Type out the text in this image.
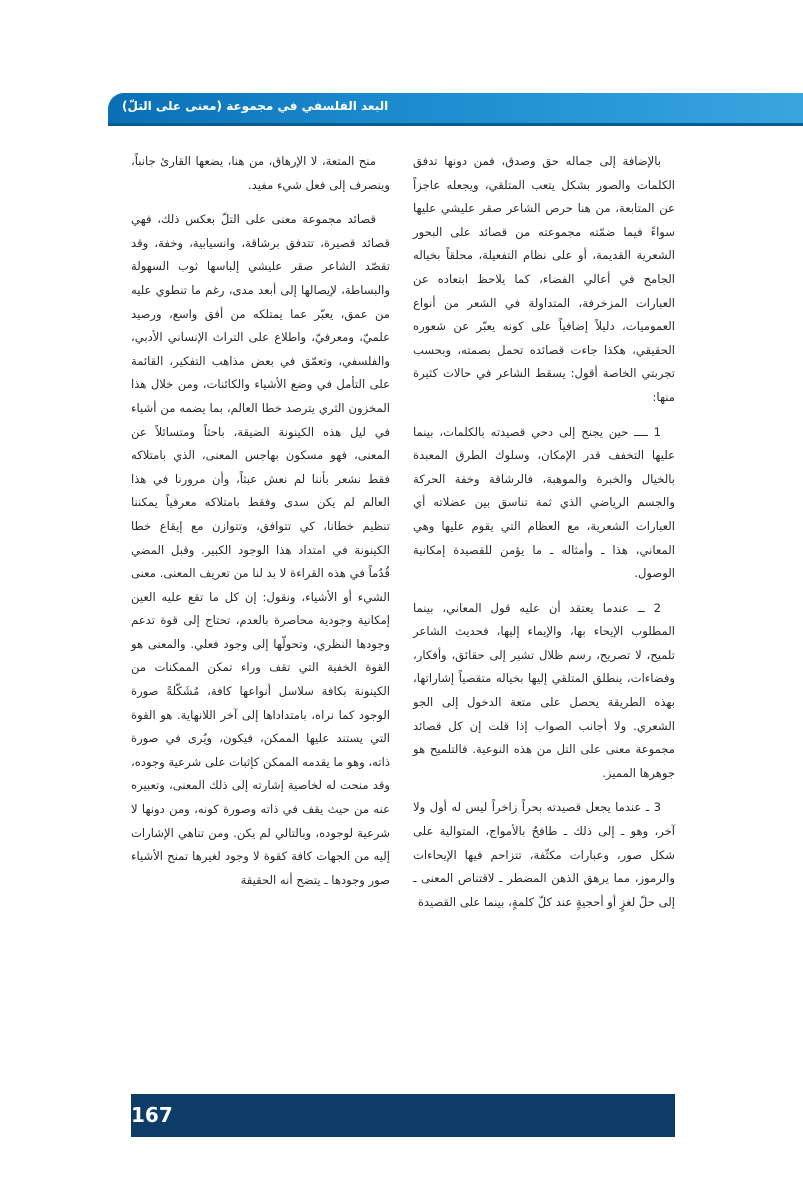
البعد الفلسفي في مجموعة (معنى على التلّ)

بالإضافة إلى جماله حق وصدق، فمن دونها تدفق الكلمات والصور بشكل يتعب المتلقي، ويجعله عاجزاً عن المتابعة، من هنا حرص الشاعر صقر عليشي عليها سواءً فيما ضمّته مجموعته من قصائد على البحور الشعرية القديمة، أو على نظام التفعيلة، محلقاً بخياله الجامح في أعالي الفضاء، كما يلاحظ ابتعاده عن العبارات المزخرفة، المتداولة في الشعر من أنواع العموميات، دليلاً إضافياً على كونه يعبّر عن شعوره الحقيقي، هكذا جاءت قصائده تحمل بصمته، وبحسب تجربتي الخاصة أقول: يسقط الشاعر في حالات كثيرة منها:

1 ــــ حين يجنح إلى دحي قصيدته بالكلمات، بينما عليها التخفف قدر الإمكان، وسلوك الطرق المعبدة بالخيال والخبرة والموهبة، فالرشاقة وخفة الحركة والجسم الرياضي الذي ثمة تناسق بين عضلاته أي العبارات الشعرية، مع العظام التي يقوم عليها وهي المعاني، هذا ـ وأمثاله ـ ما يؤمن للقصيدة إمكانية الوصول.

2 ــ عندما يعتقد أن عليه قول المعاني، بينما المطلوب الإيحاء بها، والإيماء إليها، فحديث الشاعر تلميح، لا تصريح، رسم ظلال تشير إلى حقائق، وأفكار، وفضاءات، ينطلق المتلقي إليها بخياله متقصياً إشاراتها، بهذه الطريقة يحصل على متعة الدخول إلى الجو الشعري. ولا أجانب الصواب إذا قلت إن كل قصائد مجموعة معنى على التل من هذه النوعية. فالتلميح هو جوهرها المميز.

3 ـ عندما يجعل قصيدته بحراً زاخراً ليس له أول ولا آخر، وهو ـ إلى ذلك ـ طافحٌ بالأمواج، المتوالية على شكل صور، وعبارات مكثّفة، تتزاحم فيها الإيحاءات والرموز، مما يرهق الذهن المضطر ـ لاقتناص المعنى ـ إلى حلّ لغزٍ أو أحجيةٍ عند كلّ كلمةٍ، بينما على القصيدة

منح المتعة، لا الإرهاق، من هنا، يضعها القارئ جانباً، وينصرف إلى فعل شيء مفيد.

قصائد مجموعة معنى على التلّ بعكس ذلك، فهي قصائد قصيرة، تتدفق برشاقة، وانسيابية، وخفة، وقد تقصّد الشاعر صقر عليشي إلباسها ثوب السهولة والبساطة، لإيصالها إلى أبعد مدى، رغم ما تنطوي عليه من عمق، يعبّر عما يمتلكه من أفق واسع، ورصيد علميّ، ومعرفيّ، واطلاع على التراث الإنساني الأدبي، والفلسفي، وتعمّق في بعض مذاهب التفكير، القائمة على التأمل في وضع الأشياء والكائنات، ومن خلال هذا المخزون الثري يترصد خطا العالم، بما يضمه من أشياء في ليل هذه الكينونة الضيقة، باحثاً ومتسائلاً عن المعنى، فهو مسكون بهاجس المعنى، الذي بامتلاكه فقط نشعر بأننا لم نعش عبثاً، وأن مرورنا في هذا العالم لم يكن سدى وفقط بامتلاكه معرفياً يمكننا تنظيم خطانا، كي تتوافق، وتتوازن مع إيقاع خطا الكينونة في امتداد هذا الوجود الكبير. وقبل المضي قُدُماً في هذه القراءة لا بد لنا من تعريف المعنى. معنى الشيء أو الأشياء، ونقول: إن كل ما تقع عليه العين إمكانية وجودية محاصرة بالعدم، تحتاج إلى قوة تدعم وجودها النظري، وتحولّها إلى وجود فعلي. والمعنى هو القوة الخفية التي تقف وراء تمكن الممكنات من الكينونة بكافة سلاسل أنواعها كافة، مُشَكّلةً صورة الوجود كما نراه، بامتداداها إلى آخر اللانهاية. هو القوة التي يستند عليها الممكن، فيكون، ويُرى في صورة ذاته، وهو ما يقدمه الممكن كإثبات على شرعية وجوده، وقد منحت له لخاصية إشارته إلى ذلك المعنى، وتعبيره عنه من حيث يقف في ذاته وصورة كونه، ومن دونها لا شرعية لوجوده، وبالتالي لم يكن. ومن تناهي الإشارات إليه من الجهات كافة كقوة لا وجود لغيرها تمنح الأشياء صور وجودها ـ يتضح أنه الحقيقة

167
